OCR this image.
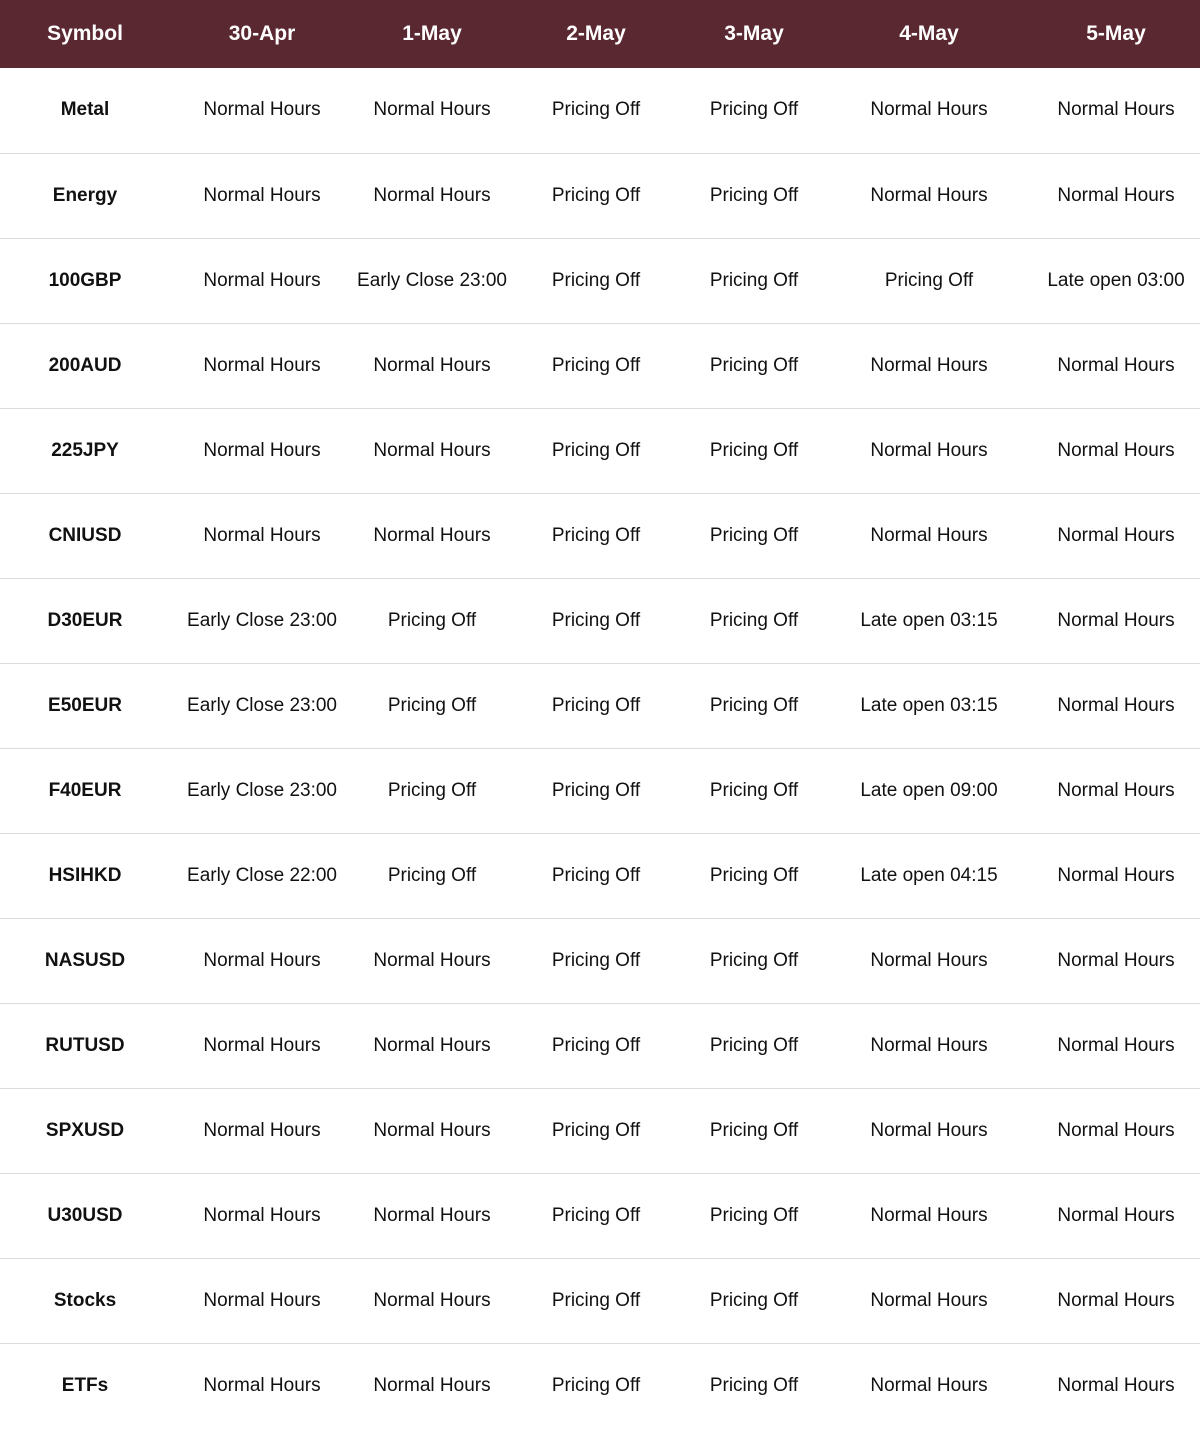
Symbol	30-Apr	1-May	2-May	3-May	4-May	5-May
Metal	Normal Hours	Normal Hours	Pricing Off	Pricing Off	Normal Hours	Normal Hours
Energy	Normal Hours	Normal Hours	Pricing Off	Pricing Off	Normal Hours	Normal Hours
100GBP	Normal Hours	Early Close 23:00	Pricing Off	Pricing Off	Pricing Off	Late open 03:00
200AUD	Normal Hours	Normal Hours	Pricing Off	Pricing Off	Normal Hours	Normal Hours
225JPY	Normal Hours	Normal Hours	Pricing Off	Pricing Off	Normal Hours	Normal Hours
CNIUSD	Normal Hours	Normal Hours	Pricing Off	Pricing Off	Normal Hours	Normal Hours
D30EUR	Early Close 23:00	Pricing Off	Pricing Off	Pricing Off	Late open 03:15	Normal Hours
E50EUR	Early Close 23:00	Pricing Off	Pricing Off	Pricing Off	Late open 03:15	Normal Hours
F40EUR	Early Close 23:00	Pricing Off	Pricing Off	Pricing Off	Late open 09:00	Normal Hours
HSIHKD	Early Close 22:00	Pricing Off	Pricing Off	Pricing Off	Late open 04:15	Normal Hours
NASUSD	Normal Hours	Normal Hours	Pricing Off	Pricing Off	Normal Hours	Normal Hours
RUTUSD	Normal Hours	Normal Hours	Pricing Off	Pricing Off	Normal Hours	Normal Hours
SPXUSD	Normal Hours	Normal Hours	Pricing Off	Pricing Off	Normal Hours	Normal Hours
U30USD	Normal Hours	Normal Hours	Pricing Off	Pricing Off	Normal Hours	Normal Hours
Stocks	Normal Hours	Normal Hours	Pricing Off	Pricing Off	Normal Hours	Normal Hours
ETFs	Normal Hours	Normal Hours	Pricing Off	Pricing Off	Normal Hours	Normal Hours
